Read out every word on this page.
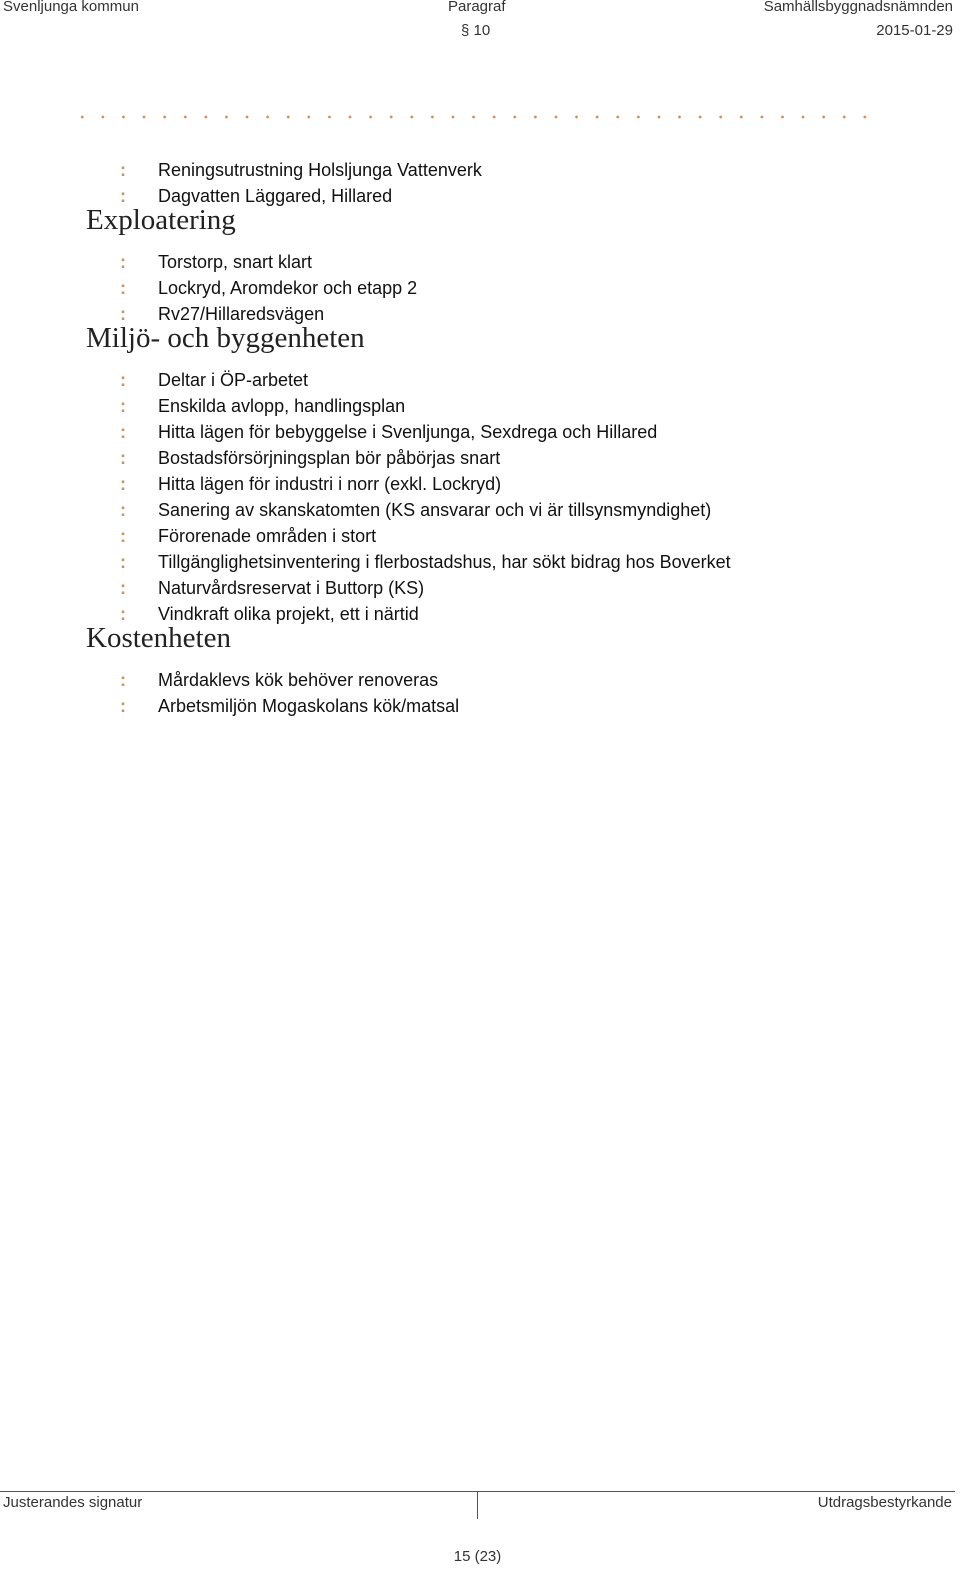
Svenljunga kommun	Paragraf	Samhällsbyggnadsnämnden
§ 10	2015-01-29
: Reningsutrustning Holsljunga Vattenverk
: Dagvatten Läggared, Hillared
Exploatering
: Torstorp, snart klart
: Lockryd, Aromdekor och etapp 2
: Rv27/Hillaredsvägen
Miljö- och byggenheten
: Deltar i ÖP-arbetet
: Enskilda avlopp, handlingsplan
: Hitta lägen för bebyggelse i Svenljunga, Sexdrega och Hillared
: Bostadsförsörjningsplan bör påbörjas snart
: Hitta lägen för industri i norr (exkl. Lockryd)
: Sanering av skanskatomten (KS ansvarar och vi är tillsynsmyndighet)
: Förorenade områden i stort
: Tillgänglighetsinventering i flerbostadshus, har sökt bidrag hos Boverket
: Naturvårdsreservat i Buttorp (KS)
: Vindkraft olika projekt, ett i närtid
Kostenheten
: Mårdaklevs kök behöver renoveras
: Arbetsmiljön Mogaskolans kök/matsal
Justerandes signatur	Utdragsbestyrkande
15 (23)
